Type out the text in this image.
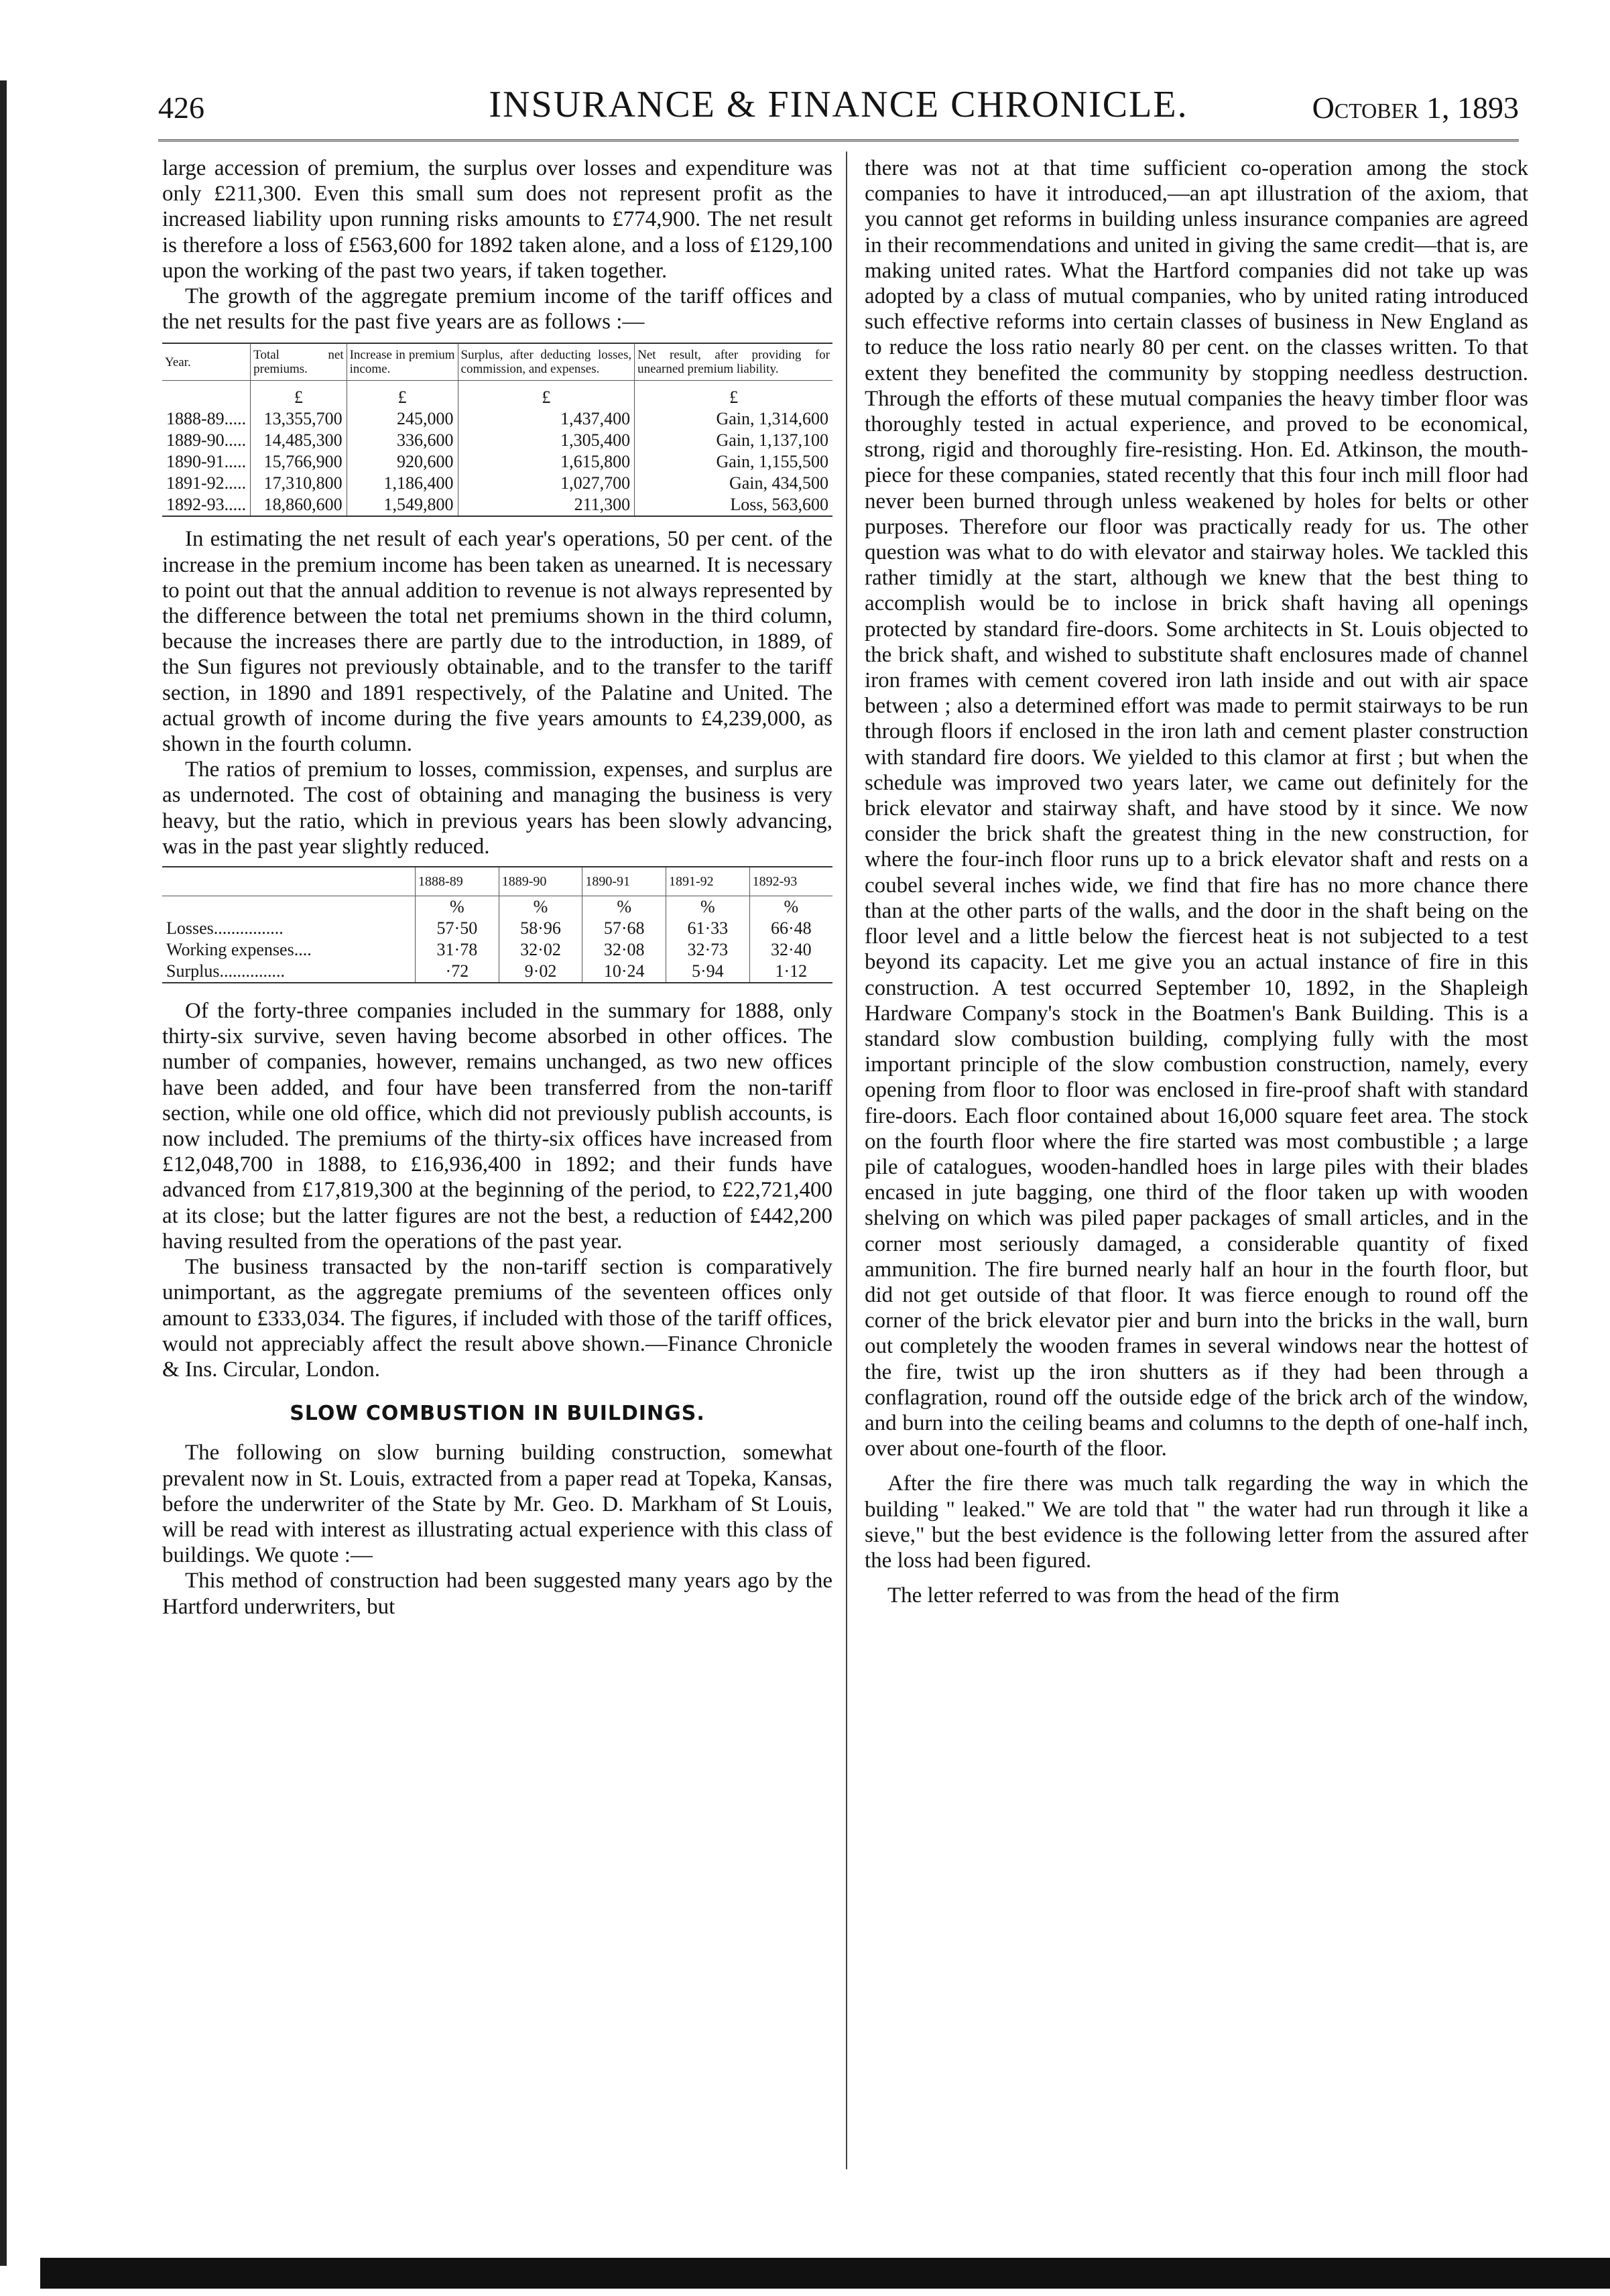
426	INSURANCE & FINANCE CHRONICLE.	October 1, 1893

large accession of premium, the surplus over losses and expenditure was only £211,300. Even this small sum does not represent profit as the increased liability upon running risks amounts to £774,900. The net result is therefore a loss of £563,600 for 1892 taken alone, and a loss of £129,100 upon the working of the past two years, if taken together.

The growth of the aggregate premium income of the tariff offices and the net results for the past five years are as follows :—

Year.	Total net premiums.	Increase in premium income.	Surplus, after deducting losses, commission, and expenses.	Net result, after providing for unearned premium liability.
	£	£	£	£
1888-89.....	13,355,700	245,000	1,437,400	Gain, 1,314,600
1889-90.....	14,485,300	336,600	1,305,400	Gain, 1,137,100
1890-91.....	15,766,900	920,600	1,615,800	Gain, 1,155,500
1891-92.....	17,310,800	1,186,400	1,027,700	Gain, 434,500
1892-93.....	18,860,600	1,549,800	211,300	Loss, 563,600

In estimating the net result of each year's operations, 50 per cent. of the increase in the premium income has been taken as unearned. It is necessary to point out that the annual addition to revenue is not always represented by the difference between the total net premiums shown in the third column, because the increases there are partly due to the introduction, in 1889, of the Sun figures not previously obtainable, and to the transfer to the tariff section, in 1890 and 1891 respectively, of the Palatine and United. The actual growth of income during the five years amounts to £4,239,000, as shown in the fourth column.

The ratios of premium to losses, commission, expenses, and surplus are as undernoted. The cost of obtaining and managing the business is very heavy, but the ratio, which in previous years has been slowly advancing, was in the past year slightly reduced.

	1888-89	1889-90	1890-91	1891-92	1892-93
	%	%	%	%	%
Losses................	57·50	58·96	57·68	61·33	66·48
Working expenses....	31·78	32·02	32·08	32·73	32·40
Surplus...............	·72	9·02	10·24	5·94	1·12

Of the forty-three companies included in the summary for 1888, only thirty-six survive, seven having become absorbed in other offices. The number of companies, however, remains unchanged, as two new offices have been added, and four have been transferred from the non-tariff section, while one old office, which did not previously publish accounts, is now included. The premiums of the thirty-six offices have increased from £12,048,700 in 1888, to £16,936,400 in 1892; and their funds have advanced from £17,819,300 at the beginning of the period, to £22,721,400 at its close; but the latter figures are not the best, a reduction of £442,200 having resulted from the operations of the past year.

The business transacted by the non-tariff section is comparatively unimportant, as the aggregate premiums of the seventeen offices only amount to £333,034. The figures, if included with those of the tariff offices, would not appreciably affect the result above shown.—Finance Chronicle & Ins. Circular, London.

SLOW COMBUSTION IN BUILDINGS.

The following on slow burning building construction, somewhat prevalent now in St. Louis, extracted from a paper read at Topeka, Kansas, before the underwriter of the State by Mr. Geo. D. Markham of St Louis, will be read with interest as illustrating actual experience with this class of buildings. We quote :—

This method of construction had been suggested many years ago by the Hartford underwriters, but

there was not at that time sufficient co-operation among the stock companies to have it introduced,—an apt illustration of the axiom, that you cannot get reforms in building unless insurance companies are agreed in their recommendations and united in giving the same credit—that is, are making united rates. What the Hartford companies did not take up was adopted by a class of mutual companies, who by united rating introduced such effective reforms into certain classes of business in New England as to reduce the loss ratio nearly 80 per cent. on the classes written. To that extent they benefited the community by stopping needless destruction. Through the efforts of these mutual companies the heavy timber floor was thoroughly tested in actual experience, and proved to be economical, strong, rigid and thoroughly fire-resisting. Hon. Ed. Atkinson, the mouth-piece for these companies, stated recently that this four inch mill floor had never been burned through unless weakened by holes for belts or other purposes. Therefore our floor was practically ready for us. The other question was what to do with elevator and stairway holes. We tackled this rather timidly at the start, although we knew that the best thing to accomplish would be to inclose in brick shaft having all openings protected by standard fire-doors. Some architects in St. Louis objected to the brick shaft, and wished to substitute shaft enclosures made of channel iron frames with cement covered iron lath inside and out with air space between ; also a determined effort was made to permit stairways to be run through floors if enclosed in the iron lath and cement plaster construction with standard fire doors. We yielded to this clamor at first ; but when the schedule was improved two years later, we came out definitely for the brick elevator and stairway shaft, and have stood by it since. We now consider the brick shaft the greatest thing in the new construction, for where the four-inch floor runs up to a brick elevator shaft and rests on a coubel several inches wide, we find that fire has no more chance there than at the other parts of the walls, and the door in the shaft being on the floor level and a little below the fiercest heat is not subjected to a test beyond its capacity. Let me give you an actual instance of fire in this construction. A test occurred September 10, 1892, in the Shapleigh Hardware Company's stock in the Boatmen's Bank Building. This is a standard slow combustion building, complying fully with the most important principle of the slow combustion construction, namely, every opening from floor to floor was enclosed in fire-proof shaft with standard fire-doors. Each floor contained about 16,000 square feet area. The stock on the fourth floor where the fire started was most combustible ; a large pile of catalogues, wooden-handled hoes in large piles with their blades encased in jute bagging, one third of the floor taken up with wooden shelving on which was piled paper packages of small articles, and in the corner most seriously damaged, a considerable quantity of fixed ammunition. The fire burned nearly half an hour in the fourth floor, but did not get outside of that floor. It was fierce enough to round off the corner of the brick elevator pier and burn into the bricks in the wall, burn out completely the wooden frames in several windows near the hottest of the fire, twist up the iron shutters as if they had been through a conflagration, round off the outside edge of the brick arch of the window, and burn into the ceiling beams and columns to the depth of one-half inch, over about one-fourth of the floor.

After the fire there was much talk regarding the way in which the building " leaked." We are told that " the water had run through it like a sieve," but the best evidence is the following letter from the assured after the loss had been figured.

The letter referred to was from the head of the firm
